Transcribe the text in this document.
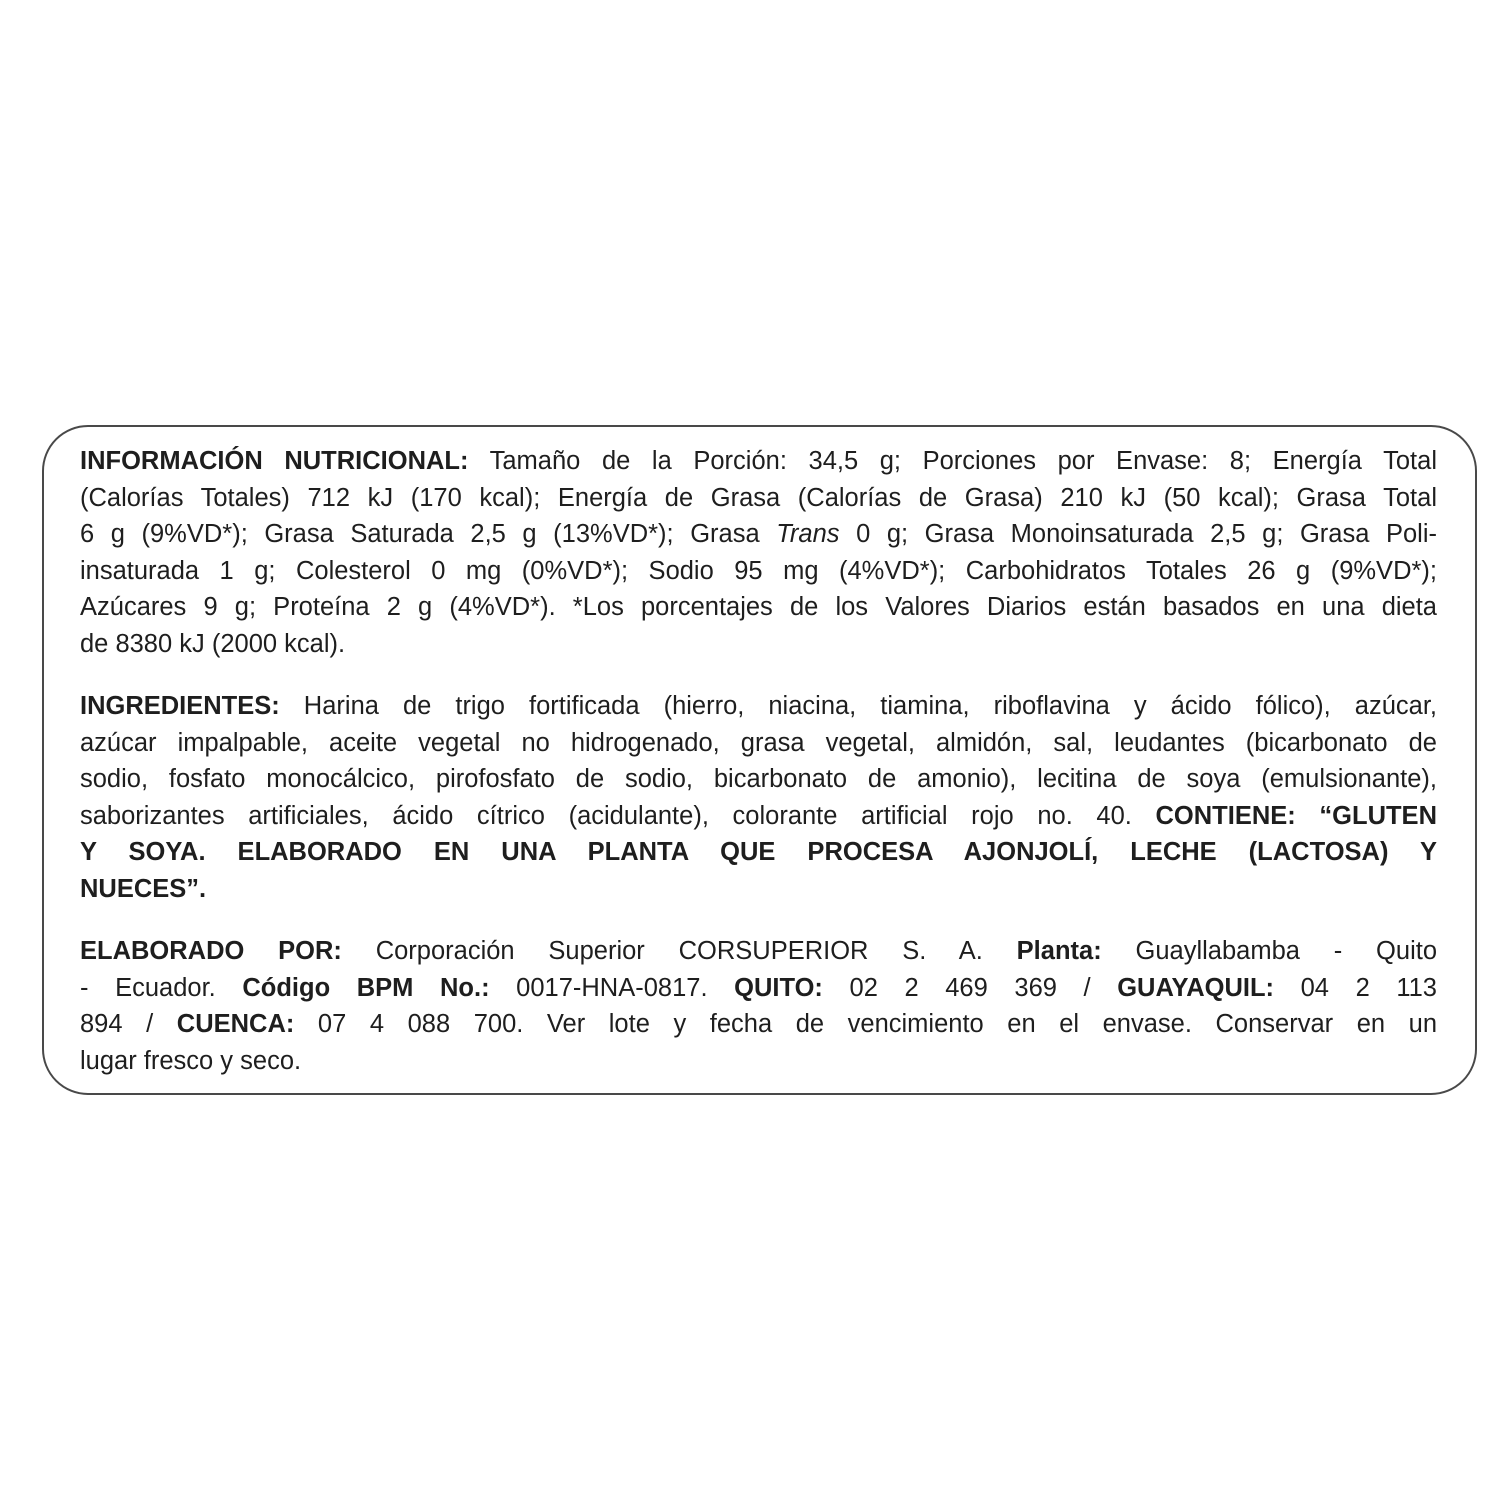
INFORMACIÓN NUTRICIONAL: Tamaño de la Porción: 34,5 g; Porciones por Envase: 8; Energía Total
(Calorías Totales) 712 kJ (170 kcal); Energía de Grasa (Calorías de Grasa) 210 kJ (50 kcal); Grasa Total
6 g (9%VD*); Grasa Saturada 2,5 g (13%VD*); Grasa Trans 0 g; Grasa Monoinsaturada 2,5 g; Grasa Poli-
insaturada 1 g; Colesterol 0 mg (0%VD*); Sodio 95 mg (4%VD*); Carbohidratos Totales 26 g (9%VD*);
Azúcares 9 g; Proteína 2 g (4%VD*). *Los porcentajes de los Valores Diarios están basados en una dieta
de 8380 kJ (2000 kcal).
INGREDIENTES: Harina de trigo fortificada (hierro, niacina, tiamina, riboflavina y ácido fólico), azúcar,
azúcar impalpable, aceite vegetal no hidrogenado, grasa vegetal, almidón, sal, leudantes (bicarbonato de
sodio, fosfato monocálcico, pirofosfato de sodio, bicarbonato de amonio), lecitina de soya (emulsionante),
saborizantes artificiales, ácido cítrico (acidulante), colorante artificial rojo no. 40. CONTIENE: “GLUTEN
Y SOYA. ELABORADO EN UNA PLANTA QUE PROCESA AJONJOLÍ, LECHE (LACTOSA) Y
NUECES”.
ELABORADO POR: Corporación Superior CORSUPERIOR S. A. Planta: Guayllabamba - Quito
- Ecuador. Código BPM No.: 0017-HNA-0817. QUITO: 02 2 469 369 / GUAYAQUIL: 04 2 113
894 / CUENCA: 07 4 088 700. Ver lote y fecha de vencimiento en el envase. Conservar en un
lugar fresco y seco.
